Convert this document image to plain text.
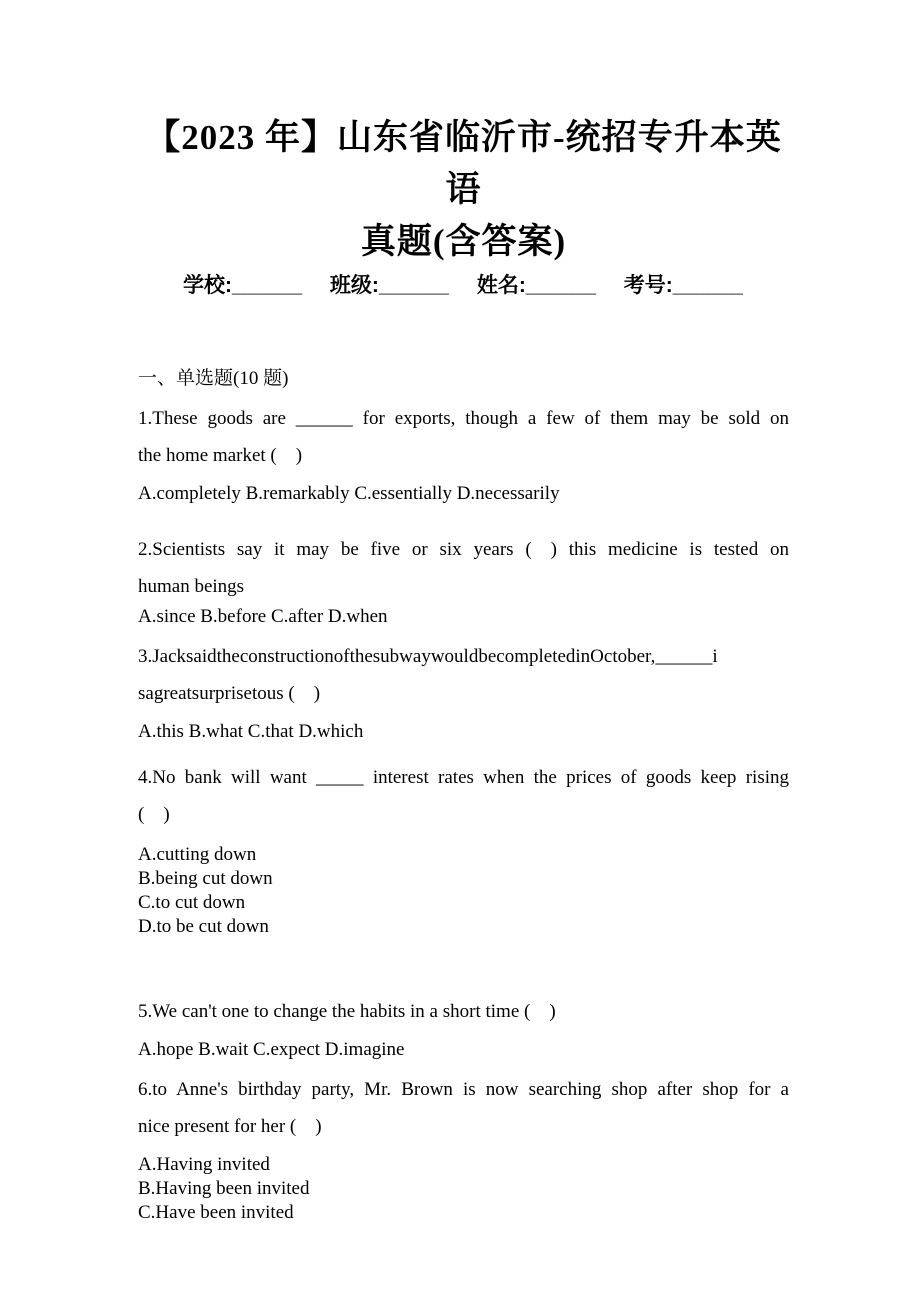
【2023 年】山东省临沂市-统招专升本英语
真题(含答案)
学校:______ 班级:______ 姓名:______ 考号:______
一、单选题(10 题)
1.These goods are ______ for exports, though a few of them may be sold on
the home market (  )
A.completely B.remarkably C.essentially D.necessarily
2.Scientists say it may be five or six years (  ) this medicine is tested on
human beings
A.since B.before C.after D.when
3.JacksaidtheconstructionofthesubwaywouldbecompletedinOctober,______i
sagreatsurprisetous (  )
A.this B.what C.that D.which
4.No bank will want _____ interest rates when the prices of goods keep rising
(  )
A.cutting down
B.being cut down
C.to cut down
D.to be cut down
5.We can't one to change the habits in a short time (  )
A.hope B.wait C.expect D.imagine
6.to Anne's birthday party, Mr. Brown is now searching shop after shop for a
nice present for her (  )
A.Having invited
B.Having been invited
C.Have been invited
